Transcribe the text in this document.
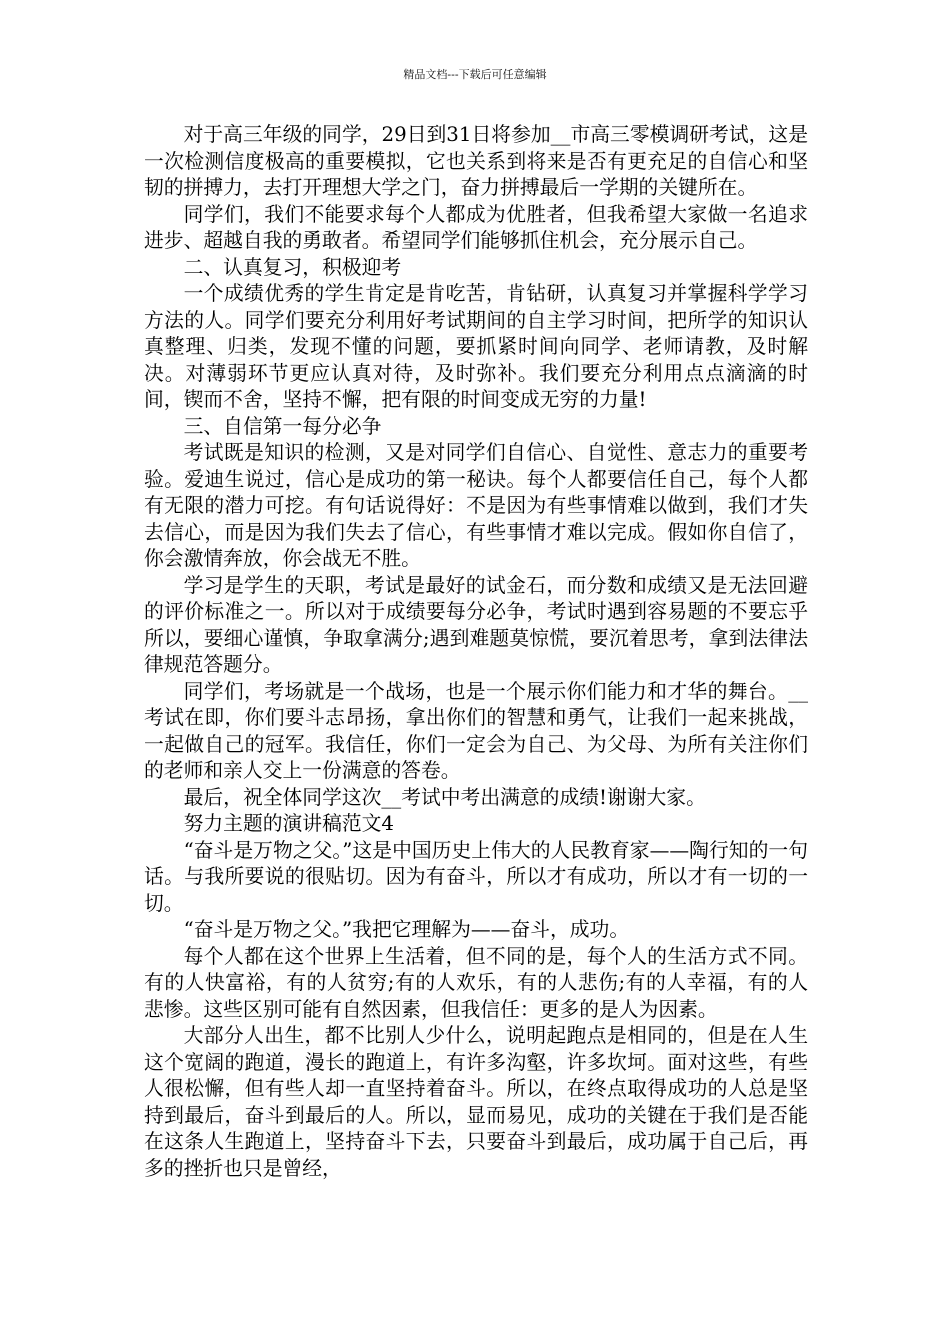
精品文档---下载后可任意编辑

对于高三年级的同学，29日到31日将参加__市高三零模调研考试，这是一次检测信度极高的重要模拟，它也关系到将来是否有更充足的自信心和坚韧的拼搏力，去打开理想大学之门，奋力拼搏最后一学期的关键所在。

同学们，我们不能要求每个人都成为优胜者，但我希望大家做一名追求进步、超越自我的勇敢者。希望同学们能够抓住机会，充分展示自己。

二、认真复习，积极迎考

一个成绩优秀的学生肯定是肯吃苦，肯钻研，认真复习并掌握科学学习方法的人。同学们要充分利用好考试期间的自主学习时间，把所学的知识认真整理、归类，发现不懂的问题，要抓紧时间向同学、老师请教，及时解决。对薄弱环节更应认真对待，及时弥补。我们要充分利用点点滴滴的时间，锲而不舍，坚持不懈，把有限的时间变成无穷的力量!

三、自信第一每分必争

考试既是知识的检测，又是对同学们自信心、自觉性、意志力的重要考验。爱迪生说过，信心是成功的第一秘诀。每个人都要信任自己，每个人都有无限的潜力可挖。有句话说得好：不是因为有些事情难以做到，我们才失去信心，而是因为我们失去了信心，有些事情才难以完成。假如你自信了，你会激情奔放，你会战无不胜。

学习是学生的天职，考试是最好的试金石，而分数和成绩又是无法回避的评价标准之一。所以对于成绩要每分必争，考试时遇到容易题的不要忘乎所以，要细心谨慎，争取拿满分;遇到难题莫惊慌，要沉着思考，拿到法律法律规范答题分。

同学们，考场就是一个战场，也是一个展示你们能力和才华的舞台。__考试在即，你们要斗志昂扬，拿出你们的智慧和勇气，让我们一起来挑战，一起做自己的冠军。我信任，你们一定会为自己、为父母、为所有关注你们的老师和亲人交上一份满意的答卷。

最后，祝全体同学这次__考试中考出满意的成绩!谢谢大家。

努力主题的演讲稿范文4

“奋斗是万物之父。”这是中国历史上伟大的人民教育家——陶行知的一句话。与我所要说的很贴切。因为有奋斗，所以才有成功，所以才有一切的一切。

“奋斗是万物之父。”我把它理解为——奋斗，成功。

每个人都在这个世界上生活着，但不同的是，每个人的生活方式不同。有的人快富裕，有的人贫穷;有的人欢乐，有的人悲伤;有的人幸福，有的人悲惨。这些区别可能有自然因素，但我信任：更多的是人为因素。

大部分人出生，都不比别人少什么，说明起跑点是相同的，但是在人生这个宽阔的跑道，漫长的跑道上，有许多沟壑，许多坎坷。面对这些，有些人很松懈，但有些人却一直坚持着奋斗。所以，在终点取得成功的人总是坚持到最后，奋斗到最后的人。所以，显而易见，成功的关键在于我们是否能在这条人生跑道上，坚持奋斗下去，只要奋斗到最后，成功属于自己后，再多的挫折也只是曾经，
